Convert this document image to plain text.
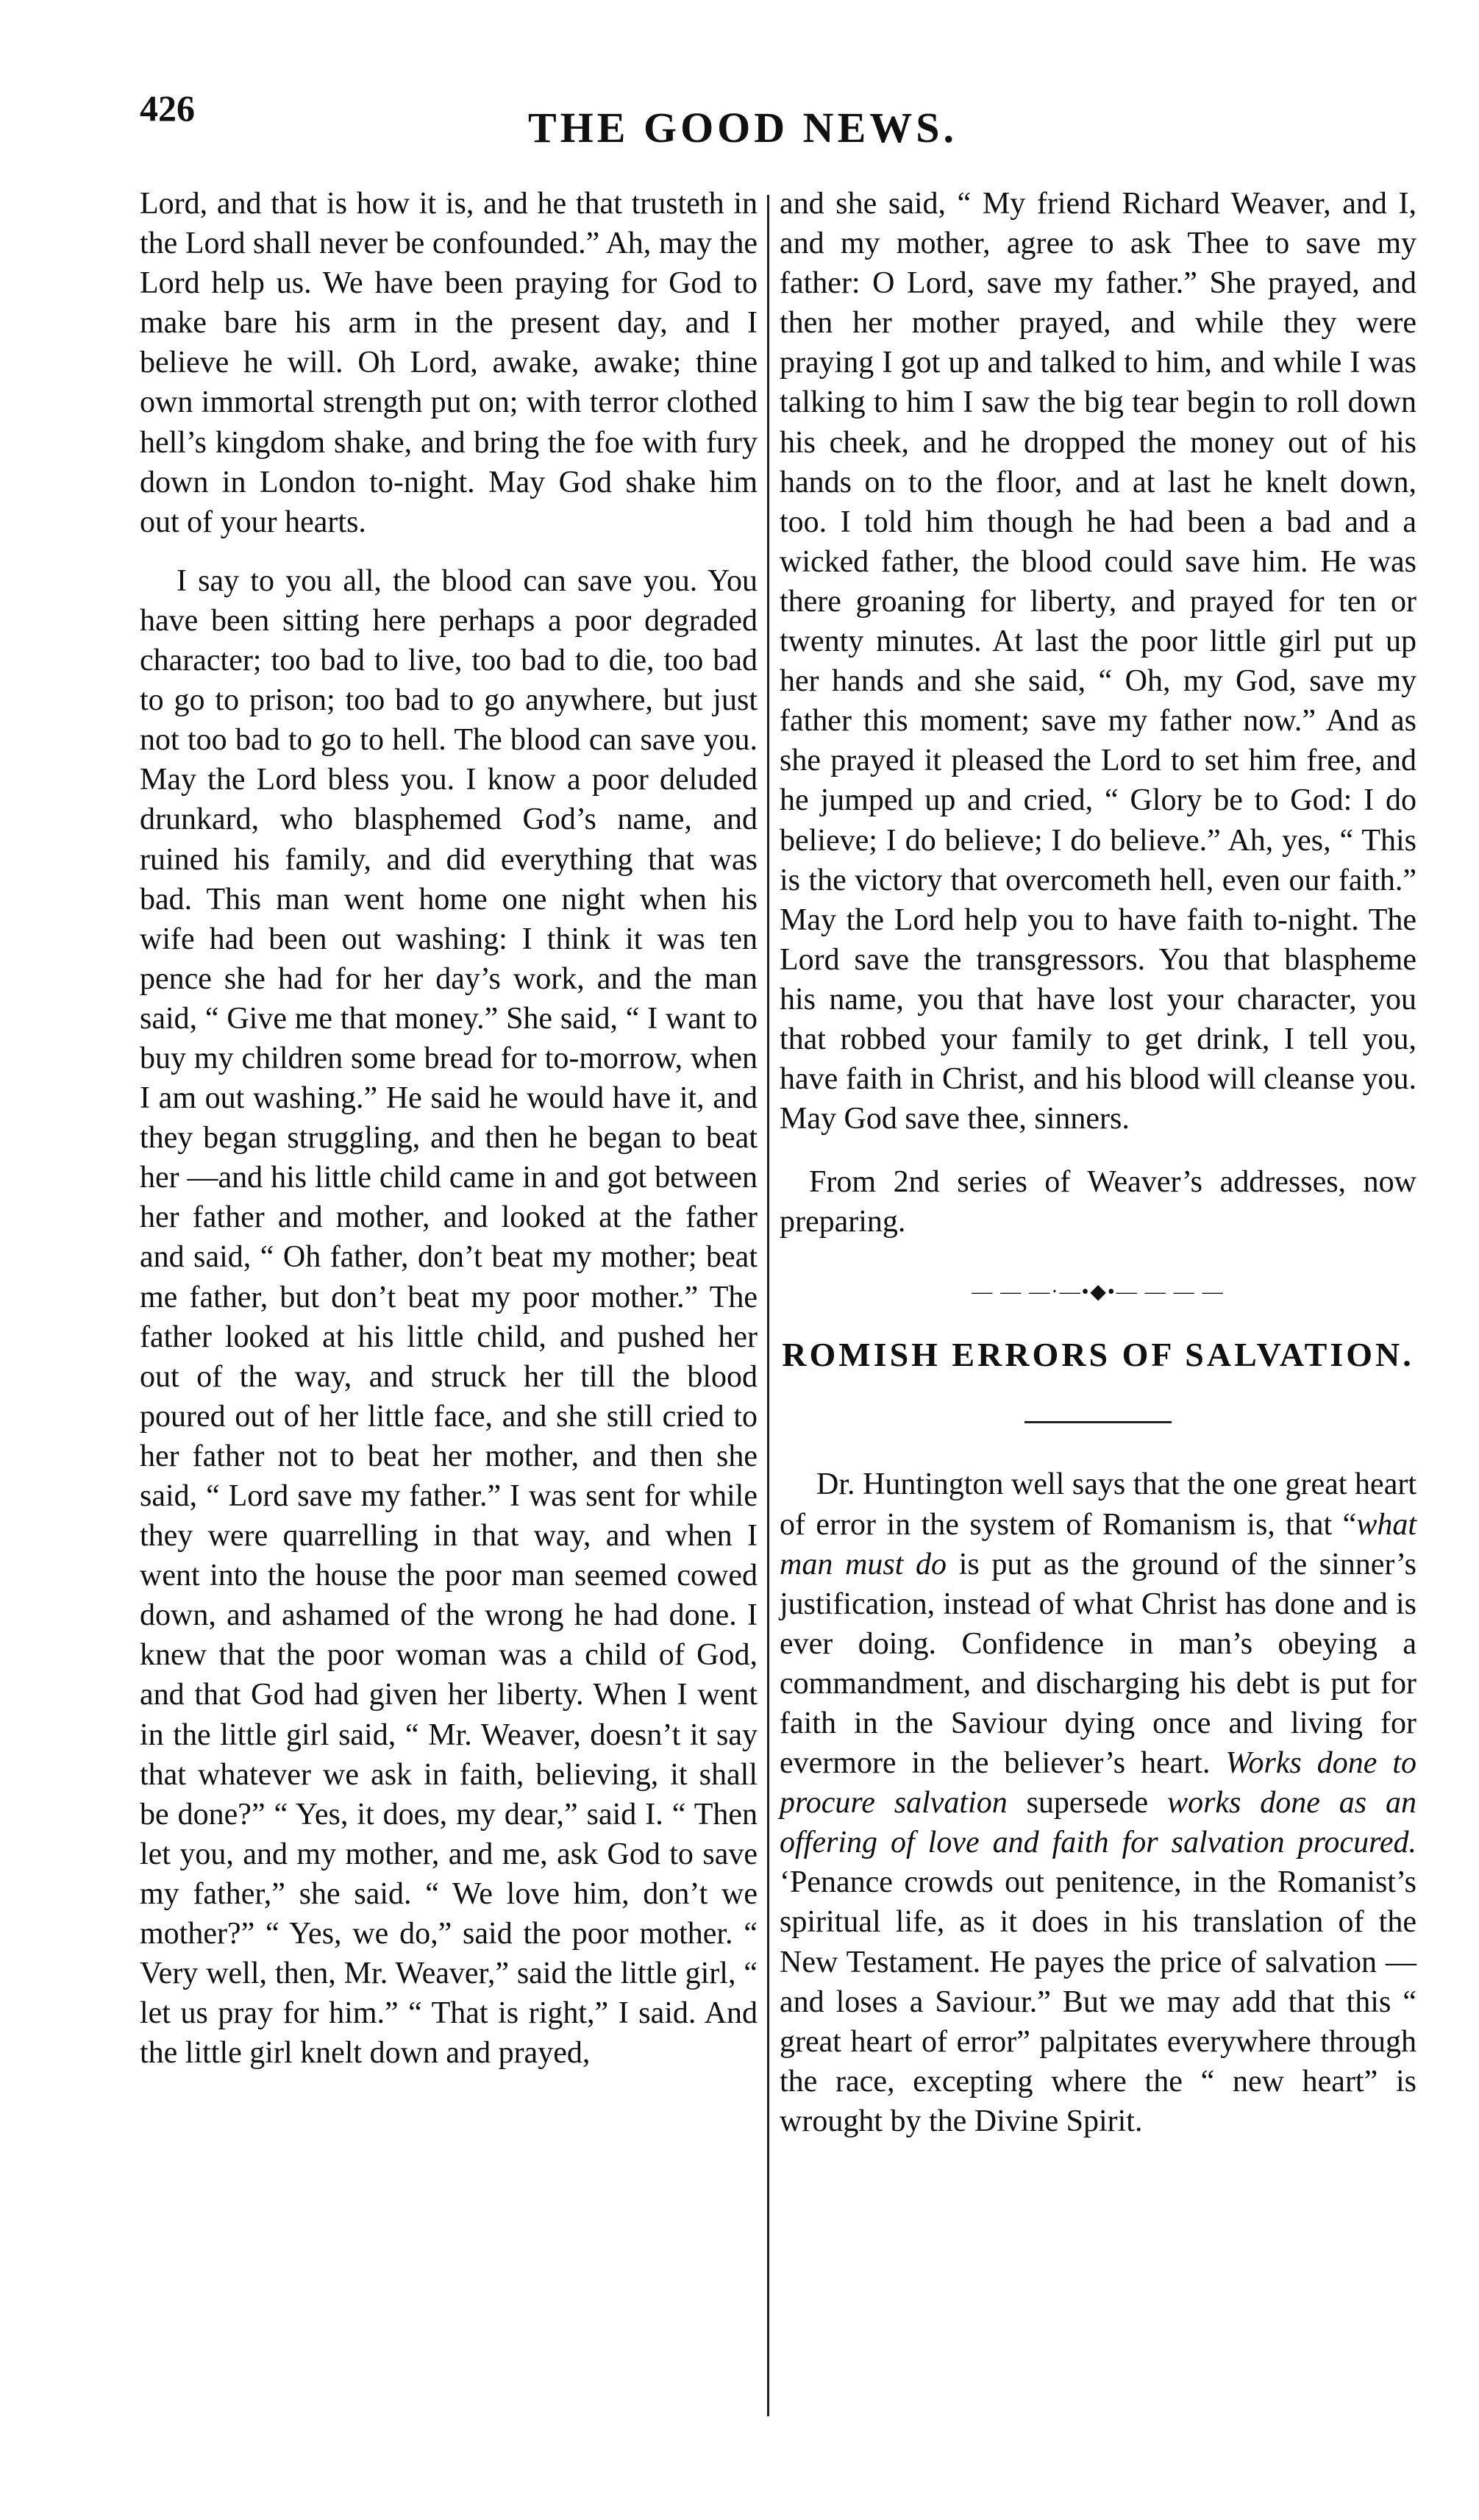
426	THE GOOD NEWS.

Lord, and that is how it is, and he that trusteth in the Lord shall never be confounded.” Ah, may the Lord help us. We have been praying for God to make bare his arm in the present day, and I believe he will. Oh Lord, awake, awake; thine own immortal strength put on; with terror clothed hell’s kingdom shake, and bring the foe with fury down in London to-night. May God shake him out of your hearts.

I say to you all, the blood can save you. You have been sitting here perhaps a poor degraded character; too bad to live, too bad to die, too bad to go to prison; too bad to go anywhere, but just not too bad to go to hell. The blood can save you. May the Lord bless you. I know a poor deluded drunkard, who blasphemed God’s name, and ruined his family, and did everything that was bad. This man went home one night when his wife had been out washing: I think it was ten pence she had for her day’s work, and the man said, “ Give me that money.” She said, “ I want to buy my children some bread for to-morrow, when I am out washing.” He said he would have it, and they began struggling, and then he began to beat her —and his little child came in and got between her father and mother, and looked at the father and said, “ Oh father, don’t beat my mother; beat me father, but don’t beat my poor mother.” The father looked at his little child, and pushed her out of the way, and struck her till the blood poured out of her little face, and she still cried to her father not to beat her mother, and then she said, “ Lord save my father.” I was sent for while they were quarrelling in that way, and when I went into the house the poor man seemed cowed down, and ashamed of the wrong he had done. I knew that the poor woman was a child of God, and that God had given her liberty. When I went in the little girl said, “ Mr. Weaver, doesn’t it say that whatever we ask in faith, believing, it shall be done?” “ Yes, it does, my dear,” said I. “ Then let you, and my mother, and me, ask God to save my father,” she said. “ We love him, don’t we mother?” “ Yes, we do,” said the poor mother. “ Very well, then, Mr. Weaver,” said the little girl, “ let us pray for him.” “ That is right,” I said. And the little girl knelt down and prayed,

and she said, “ My friend Richard Weaver, and I, and my mother, agree to ask Thee to save my father: O Lord, save my father.” She prayed, and then her mother prayed, and while they were praying I got up and talked to him, and while I was talking to him I saw the big tear begin to roll down his cheek, and he dropped the money out of his hands on to the floor, and at last he knelt down, too. I told him though he had been a bad and a wicked father, the blood could save him. He was there groaning for liberty, and prayed for ten or twenty minutes. At last the poor little girl put up her hands and she said, “ Oh, my God, save my father this moment; save my father now.” And as she prayed it pleased the Lord to set him free, and he jumped up and cried, “ Glory be to God: I do believe; I do believe; I do believe.” Ah, yes, “ This is the victory that overcometh hell, even our faith.” May the Lord help you to have faith to-night. The Lord save the transgressors. You that blaspheme his name, you that have lost your character, you that robbed your family to get drink, I tell you, have faith in Christ, and his blood will cleanse you. May God save thee, sinners.

From 2nd series of Weaver’s addresses, now preparing.

— — —·—•◆•— — — —
ROMISH ERRORS OF SALVATION.

Dr. Huntington well says that the one great heart of error in the system of Romanism is, that “what man must do is put as the ground of the sinner’s justification, instead of what Christ has done and is ever doing. Confidence in man’s obeying a commandment, and discharging his debt is put for faith in the Saviour dying once and living for evermore in the believer’s heart. Works done to procure salvation supersede works done as an offering of love and faith for salvation procured. ‘Penance crowds out penitence, in the Romanist’s spiritual life, as it does in his translation of the New Testament. He payes the price of salvation —and loses a Saviour.” But we may add that this “ great heart of error” palpitates everywhere through the race, excepting where the “ new heart” is wrought by the Divine Spirit.
